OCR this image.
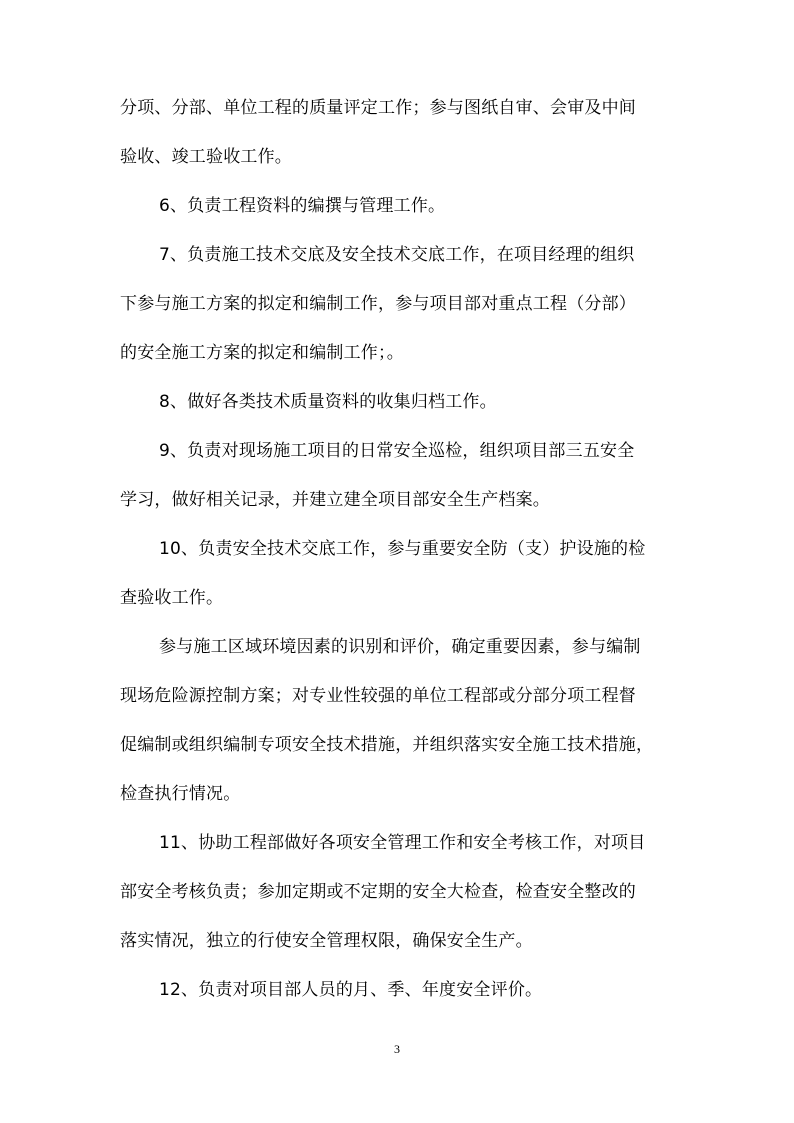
分项、分部、单位工程的质量评定工作；参与图纸自审、会审及中间
验收、竣工验收工作。
6、负责工程资料的编撰与管理工作。
7、负责施工技术交底及安全技术交底工作，在项目经理的组织
下参与施工方案的拟定和编制工作，参与项目部对重点工程（分部）
的安全施工方案的拟定和编制工作；。
8、做好各类技术质量资料的收集归档工作。
9、负责对现场施工项目的日常安全巡检，组织项目部三五安全
学习，做好相关记录，并建立建全项目部安全生产档案。
10、负责安全技术交底工作，参与重要安全防（支）护设施的检
查验收工作。
参与施工区域环境因素的识别和评价，确定重要因素，参与编制
现场危险源控制方案；对专业性较强的单位工程部或分部分项工程督
促编制或组织编制专项安全技术措施，并组织落实安全施工技术措施，
检查执行情况。
11、协助工程部做好各项安全管理工作和安全考核工作，对项目
部安全考核负责；参加定期或不定期的安全大检查，检查安全整改的
落实情况，独立的行使安全管理权限，确保安全生产。
12、负责对项目部人员的月、季、年度安全评价。
3
